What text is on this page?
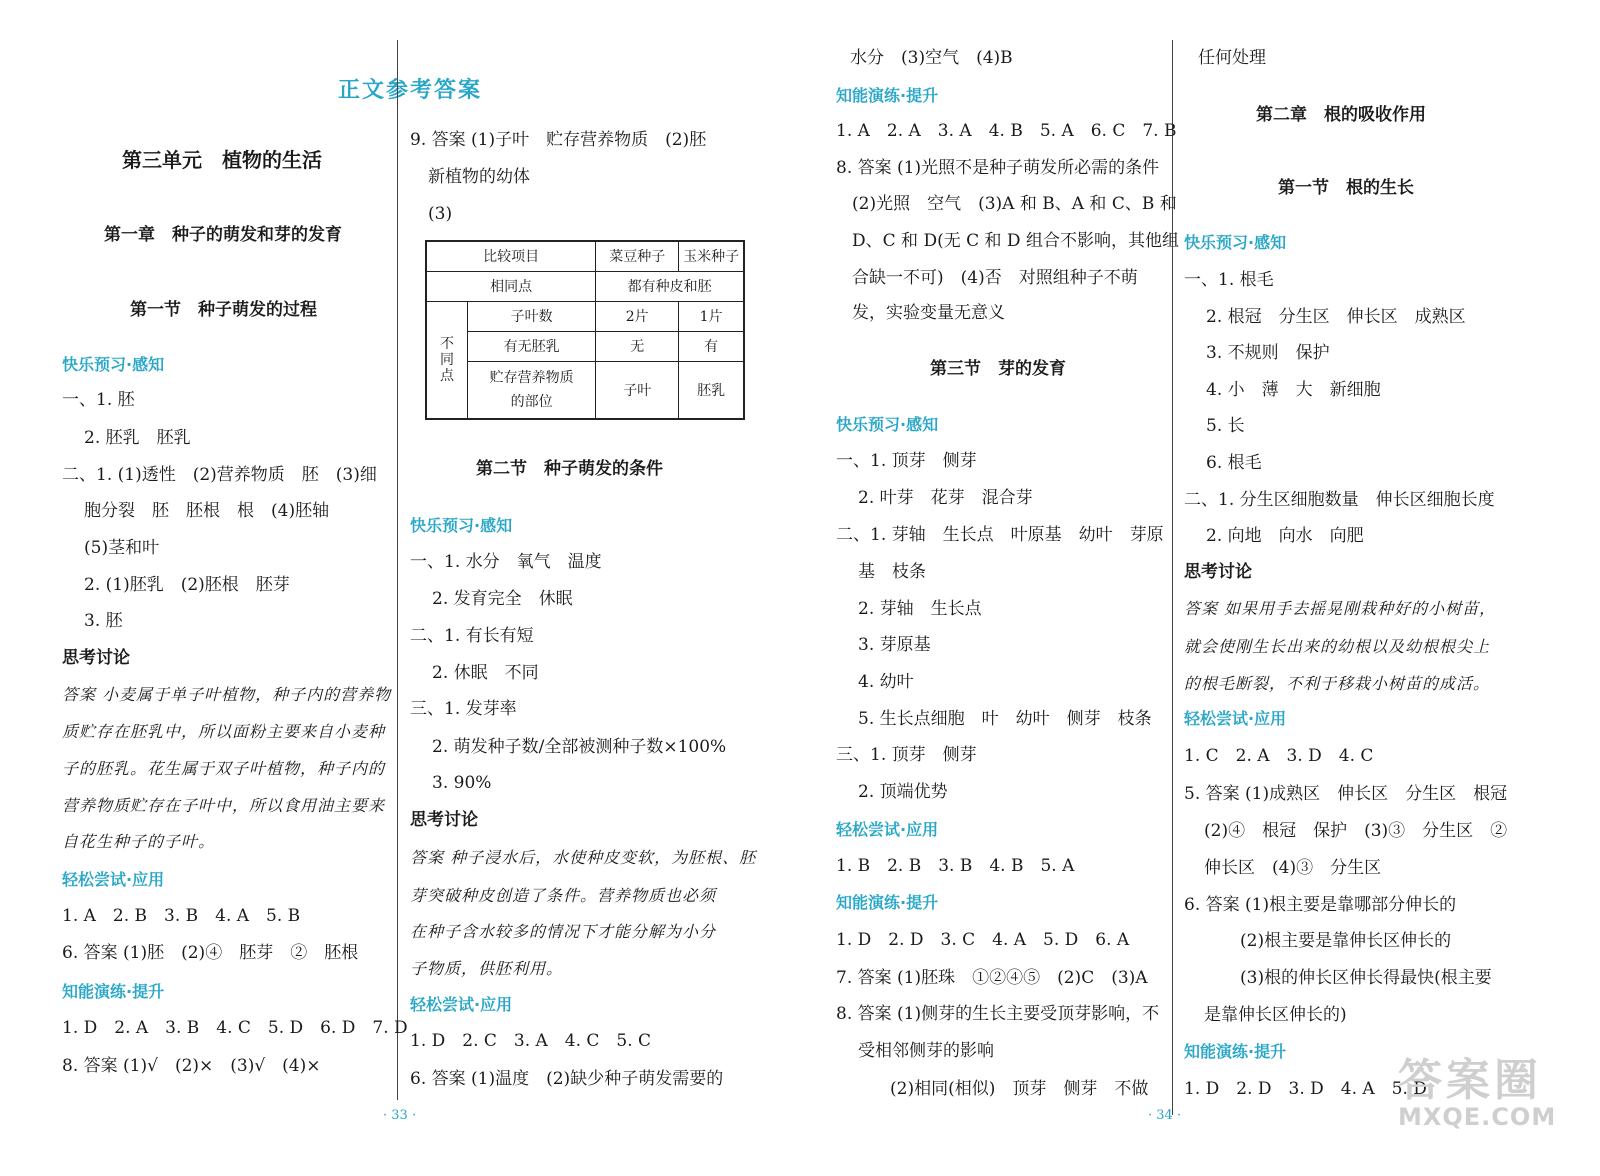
正文参考答案
· 33 ·	· 34 ·
第三单元　植物的生活
第一章　种子的萌发和芽的发育
第一节　种子萌发的过程
快乐预习·感知
一、1. 胚
2. 胚乳　胚乳
二、1. (1)透性　(2)营养物质　胚　(3)细
胞分裂　胚　胚根　根　(4)胚轴
(5)茎和叶
2. (1)胚乳　(2)胚根　胚芽
3. 胚
思考讨论
答案 小麦属于单子叶植物，种子内的营养物
质贮存在胚乳中，所以面粉主要来自小麦种
子的胚乳。花生属于双子叶植物，种子内的
营养物质贮存在子叶中，所以食用油主要来
自花生种子的子叶。
轻松尝试·应用
1. A　2. B　3. B　4. A　5. B
6. 答案 (1)胚　(2)④　胚芽　②　胚根
知能演练·提升
1. D　2. A　3. B　4. C　5. D　6. D　7. D
8. 答案 (1)√　(2)×　(3)√　(4)×
9. 答案 (1)子叶　贮存营养物质　(2)胚
新植物的幼体
(3)
第二节　种子萌发的条件
快乐预习·感知
一、1. 水分　氧气　温度
2. 发育完全　休眠
二、1. 有长有短
2. 休眠　不同
三、1. 发芽率
2. 萌发种子数/全部被测种子数×100%
3. 90%
思考讨论
答案 种子浸水后，水使种皮变软，为胚根、胚
芽突破种皮创造了条件。营养物质也必须
在种子含水较多的情况下才能分解为小分
子物质，供胚利用。
轻松尝试·应用
1. D　2. C　3. A　4. C　5. C
6. 答案 (1)温度　(2)缺少种子萌发需要的
水分　(3)空气　(4)B
知能演练·提升
1. A　2. A　3. A　4. B　5. A　6. C　7. B
8. 答案 (1)光照不是种子萌发所必需的条件
(2)光照　空气　(3)A 和 B、A 和 C、B 和
D、C 和 D(无 C 和 D 组合不影响，其他组
合缺一不可)　(4)否　对照组种子不萌
发，实验变量无意义
第三节　芽的发育
快乐预习·感知
一、1. 顶芽　侧芽
2. 叶芽　花芽　混合芽
二、1. 芽轴　生长点　叶原基　幼叶　芽原
基　枝条
2. 芽轴　生长点
3. 芽原基
4. 幼叶
5. 生长点细胞　叶　幼叶　侧芽　枝条
三、1. 顶芽　侧芽
2. 顶端优势
轻松尝试·应用
1. B　2. B　3. B　4. B　5. A
知能演练·提升
1. D　2. D　3. C　4. A　5. D　6. A
7. 答案 (1)胚珠　①②④⑤　(2)C　(3)A
8. 答案 (1)侧芽的生长主要受顶芽影响，不
受相邻侧芽的影响
(2)相同(相似)　顶芽　侧芽　不做
任何处理
第二章　根的吸收作用
第一节　根的生长
快乐预习·感知
一、1. 根毛
2. 根冠　分生区　伸长区　成熟区
3. 不规则　保护
4. 小　薄　大　新细胞
5. 长
6. 根毛
二、1. 分生区细胞数量　伸长区细胞长度
2. 向地　向水　向肥
思考讨论
答案 如果用手去摇晃刚栽种好的小树苗，
就会使刚生长出来的幼根以及幼根根尖上
的根毛断裂，不利于移栽小树苗的成活。
轻松尝试·应用
1. C　2. A　3. D　4. C
5. 答案 (1)成熟区　伸长区　分生区　根冠
(2)④　根冠　保护　(3)③　分生区　②
伸长区　(4)③　分生区
6. 答案 (1)根主要是靠哪部分伸长的
(2)根主要是靠伸长区伸长的
(3)根的伸长区伸长得最快(根主要
是靠伸长区伸长的)
知能演练·提升
1. D　2. D　3. D　4. A　5. D
比较项目		菜豆种子	玉米种子
相同点		都有种皮和胚	
不同点	子叶数	2片	1片
	有无胚乳	无	有
	贮存营养物质的部位	子叶	胚乳
答案圈
MXQE.COM
